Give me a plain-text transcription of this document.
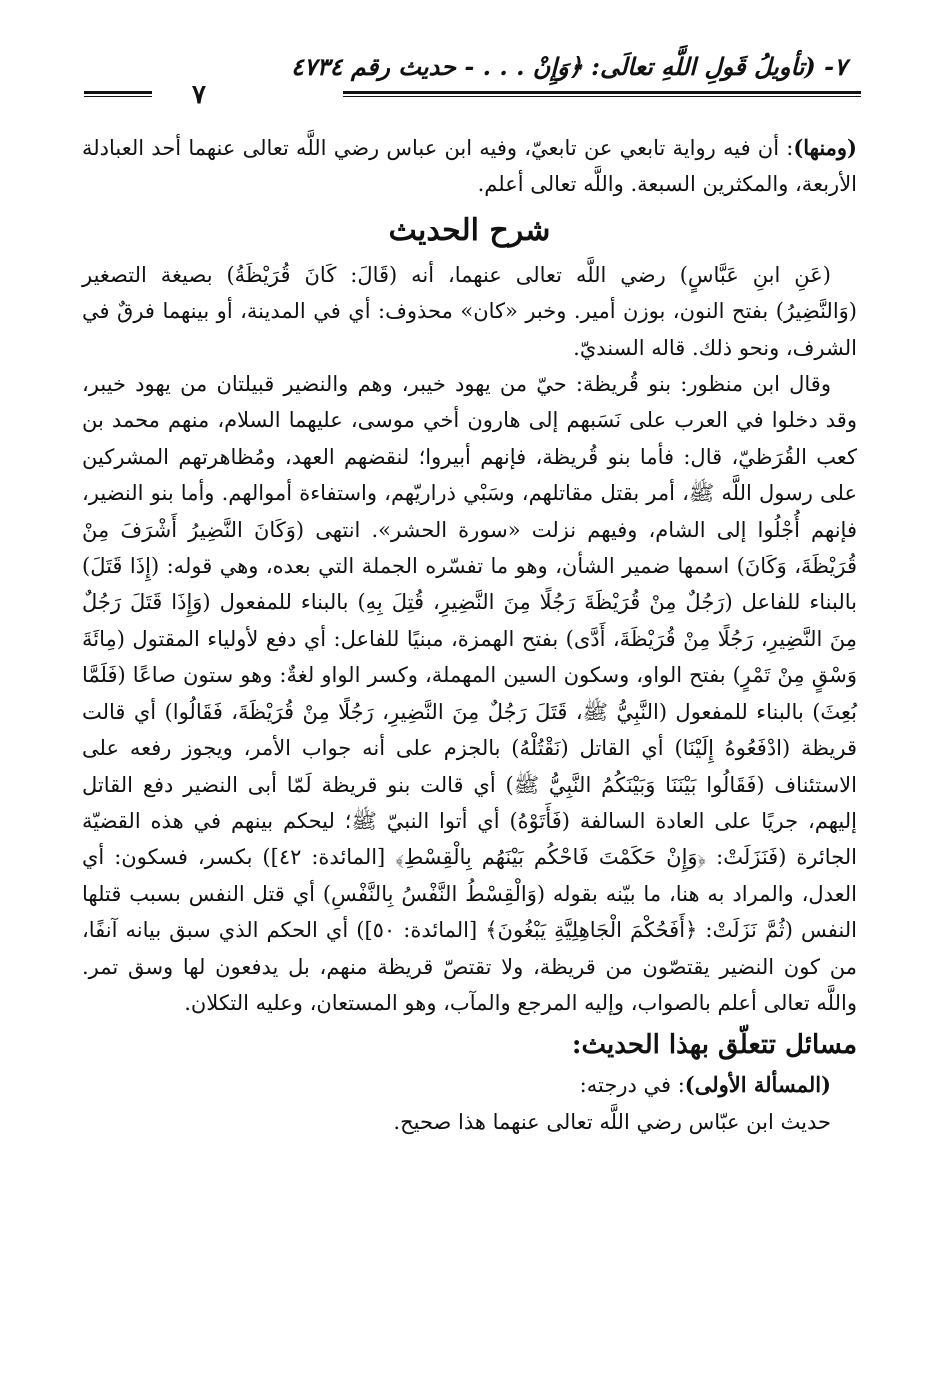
٧- (تأويلُ قَولِ اللَّهِ تعالَى: ﴿وَإِنْ . . . - حديث رقم ٤٧٣٤
٧

(ومنها): أن فيه رواية تابعي عن تابعيّ، وفيه ابن عباس رضي اللَّه تعالى عنهما أحد العبادلة الأربعة، والمكثرين السبعة. واللَّه تعالى أعلم.

شرح الحديث

(عَنِ ابنِ عَبَّاسٍ) رضي اللَّه تعالى عنهما، أنه (قَالَ: كَانَ قُرَيْظَةُ) بصيغة التصغير (وَالنَّضِيرُ) بفتح النون، بوزن أمير. وخبر «كان» محذوف: أي في المدينة، أو بينهما فرقٌ في الشرف، ونحو ذلك. قاله السنديّ.

وقال ابن منظور: بنو قُريظة: حيّ من يهود خيبر، وهم والنضير قبيلتان من يهود خيبر، وقد دخلوا في العرب على نَسَبهم إلى هارون أخي موسى، عليهما السلام، منهم محمد بن كعب القُرَظيّ، قال: فأما بنو قُريظة، فإنهم أبيروا؛ لنقضهم العهد، ومُظاهرتهم المشركين على رسول اللَّه ﷺ، أمر بقتل مقاتلهم، وسَبْي ذراريّهم، واستفاءة أموالهم. وأما بنو النضير، فإنهم أُجْلُوا إلى الشام، وفيهم نزلت «سورة الحشر». انتهى (وَكَانَ النَّضِيرُ أَشْرَفَ مِنْ قُرَيْظَةَ، وَكَانَ) اسمها ضمير الشأن، وهو ما تفسّره الجملة التي بعده، وهي قوله: (إِذَا قَتَلَ) بالبناء للفاعل (رَجُلٌ مِنْ قُرَيْظَةَ رَجُلًا مِنَ النَّضِيرِ، قُتِلَ بِهِ) بالبناء للمفعول (وَإِذَا قَتَلَ رَجُلٌ مِنَ النَّضِيرِ، رَجُلًا مِنْ قُرَيْظَةَ، أَدَّى) بفتح الهمزة، مبنيًا للفاعل: أي دفع لأولياء المقتول (مِائَةَ وَسْقٍ مِنْ تَمْرٍ) بفتح الواو، وسكون السين المهملة، وكسر الواو لغةٌ: وهو ستون صاعًا (فَلَمَّا بُعِثَ) بالبناء للمفعول (النَّبِيُّ ﷺ، قَتَلَ رَجُلٌ مِنَ النَّضِيرِ، رَجُلًا مِنْ قُرَيْظَةَ، فَقَالُوا) أي قالت قريظة (ادْفَعُوهُ إِلَيْنَا) أي القاتل (نَقْتُلْهُ) بالجزم على أنه جواب الأمر، ويجوز رفعه على الاستئناف (فَقَالُوا بَيْنَنَا وَبَيْنَكُمُ النَّبِيُّ ﷺ) أي قالت بنو قريظة لَمّا أبى النضير دفع القاتل إليهم، جريًا على العادة السالفة (فَأَتَوْهُ) أي أتوا النبيّ ﷺ؛ ليحكم بينهم في هذه القضيّة الجائرة (فَنَزَلَتْ: ﴿وَإِنْ حَكَمْتَ فَاحْكُم بَيْنَهُم بِالْقِسْطِ﴾ [المائدة: ٤٢]) بكسر، فسكون: أي العدل، والمراد به هنا، ما بيّنه بقوله (وَالْقِسْطُ النَّفْسُ بِالنَّفْسِ) أي قتل النفس بسبب قتلها النفس (ثُمَّ نَزَلَتْ: ﴿أَفَحُكْمَ الْجَاهِلِيَّةِ يَبْغُونَ﴾ [المائدة: ٥٠]) أي الحكم الذي سبق بيانه آنفًا، من كون النضير يقتصّون من قريظة، ولا تقتصّ قريظة منهم، بل يدفعون لها وسق تمر. واللَّه تعالى أعلم بالصواب، وإليه المرجع والمآب، وهو المستعان، وعليه التكلان.

مسائل تتعلّق بهذا الحديث:

(المسألة الأولى): في درجته:

حديث ابن عبّاس رضي اللَّه تعالى عنهما هذا صحيح.
